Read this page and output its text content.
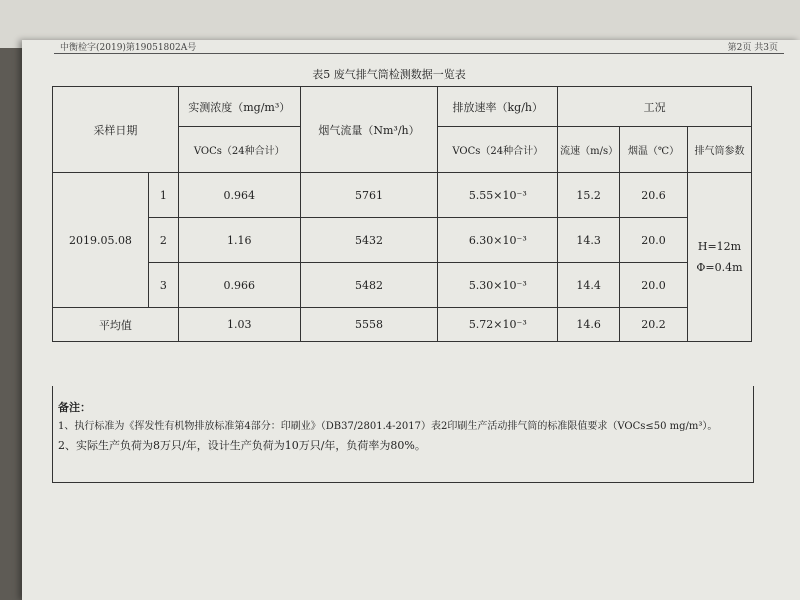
中衡检字(2019)第19051802A号	第2页 共3页
表5 废气排气筒检测数据一览表
采样日期		实测浓度（mg/m³）	烟气流量（Nm³/h）	排放速率（kg/h）	工况		
		VOCs（24种合计）		VOCs（24种合计）	流速（m/s）	烟温（℃）	排气筒参数
2019.05.08	1	0.964	5761	5.55×10⁻³	15.2	20.6	H=12m
Φ=0.4m

	2	1.16	5432	6.30×10⁻³	14.3	20.0	
	3	0.966	5482	5.30×10⁻³	14.4	20.0	
平均值		1.03	5558	5.72×10⁻³	14.6	20.2	
备注：
1、执行标准为《挥发性有机物排放标准第4部分：印刷业》（DB37/2801.4-2017）表2印刷生产活动排气筒的标准限值要求（VOCs≤50 mg/m³）。
2、实际生产负荷为8万只/年，设计生产负荷为10万只/年，负荷率为80%。
